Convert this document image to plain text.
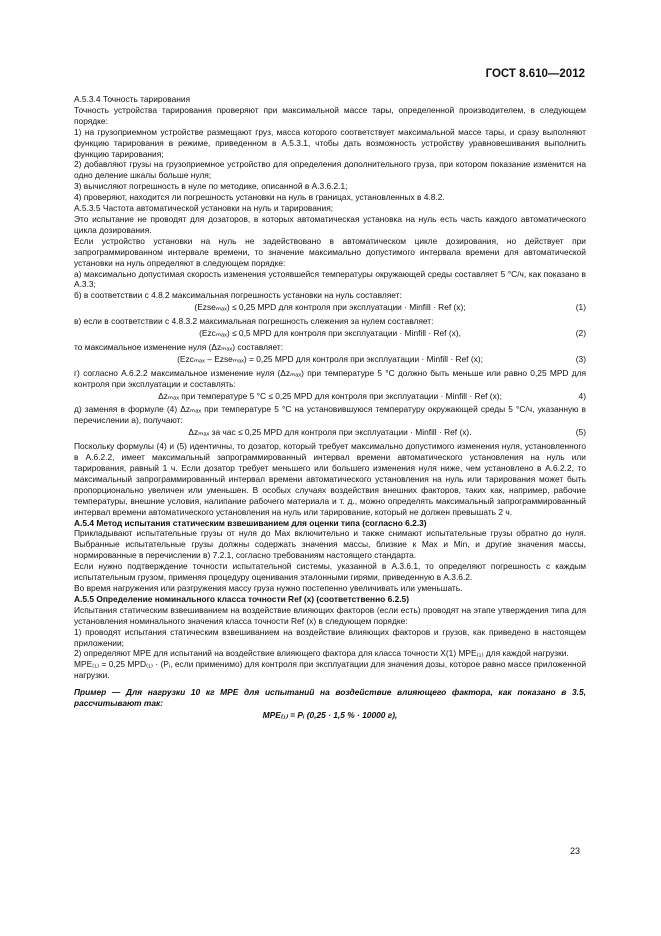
ГОСТ 8.610—2012

А.5.3.4 Точность тарирования

Точность устройства тарирования проверяют при максимальной массе тары, определенной производителем, в следующем порядке:

1) на грузоприемном устройстве размещают груз, масса которого соответствует максимальной массе тары, и сразу выполняют функцию тарирования в режиме, приведенном в А.5.3.1, чтобы дать возможность устройству уравновешивания выполнить функцию тарирования;

2) добавляют грузы на грузоприемное устройство для определения дополнительного груза, при котором показание изменится на одно деление шкалы больше нуля;

3) вычисляют погрешность в нуле по методике, описанной в А.3.6.2.1;

4) проверяют, находится ли погрешность установки на нуль в границах, установленных в 4.8.2.

А.5.3.5 Частота автоматической установки на нуль и тарирования;

Это испытание не проводят для дозаторов, в которых автоматическая установка на нуль есть часть каждого автоматического цикла дозирования.

Если устройство установки на нуль не задействовано в автоматическом цикле дозирования, но действует при запрограммированном интервале времени, то значение максимально допустимого интервала времени для автоматической установки на нуль определяют в следующем порядке:

а) максимально допустимая скорость изменения устоявшейся температуры окружающей среды составляет 5 °С/ч, как показано в А.3.3;

б) в соответствии с 4.8.2 максимальная погрешность установки на нуль составляет:

(Ezseₘₐₓ) ≤ 0,25 MPD для контроля при эксплуатации · Minfill · Ref (x);	(1)

в) если в соответствии с 4.8.3.2 максимальная погрешность слежения за нулем составляет:

(Ezcₘₐₓ) ≤ 0,5 MPD для контроля при эксплуатации · Minfill · Ref (x),	(2)

то максимальное изменение нуля (Δzₘₐₓ) составляет:

(Ezcₘₐₓ – Ezseₘₐₓ) = 0,25 MPD для контроля при эксплуатации · Minfill · Ref (x);	(3)

г) согласно А.6.2.2 максимальное изменение нуля (Δzₘₐₓ) при температуре 5 °С должно быть меньше или равно 0,25 MPD для контроля при эксплуатации и составлять:

Δzₘₐₓ при температуре 5 °С ≤ 0,25 MPD для контроля при эксплуатации · Minfill · Ref (x);	4)

д) заменяя в формуле (4) Δzₘₐₓ при температуре 5 °С на установившуюся температуру окружающей среды 5 °С/ч, указанную в перечислении а), получают:

Δzₘₐₓ за час ≤ 0,25 MPD для контроля при эксплуатации · Minfill · Ref (x).	(5)

Поскольку формулы (4) и (5) идентичны, то дозатор, который требует максимально допустимого изменения нуля, установленного в А.6.2.2, имеет максимальный запрограммированный интервал времени автоматического установления на нуль или тарирования, равный 1 ч. Если дозатор требует меньшего или большего изменения нуля ниже, чем установлено в А.6.2.2, то максимальный запрограммированный интервал времени автоматического установления на нуль или тарирования может быть пропорционально увеличен или уменьшен. В особых случаях воздействия внешних факторов, таких как, например, рабочие температуры, внешние условия, налипание рабочего материала и т. д., можно определять максимальный запрограммированный интервал времени автоматического установления на нуль или тарирование, который не должен превышать 2 ч.

А.5.4 Метод испытания статическим взвешиванием для оценки типа (согласно 6.2.3)

Прикладывают испытательные грузы от нуля до Max включительно и также снимают испытательные грузы обратно до нуля. Выбранные испытательные грузы должны содержать значения массы, близкие к Max и Min, и другие значения массы, нормированные в перечислении в) 7.2.1, согласно требованиям настоящего стандарта.

Если нужно подтверждение точности испытательной системы, указанной в А.3.6.1, то определяют погрешность с каждым испытательным грузом, применяя процедуру оценивания эталонными гирями, приведенную в А.3.6.2.

Во время нагружения или разгружения массу груза нужно постепенно увеличивать или уменьшать.

А.5.5 Определение номинального класса точности Ref (x) (соответственно 6.2.5)

Испытания статическим взвешиванием на воздействие влияющих факторов (если есть) проводят на этапе утверждения типа для установления номинального значения класса точности Ref (x) в следующем порядке:

1) проводят испытания статическим взвешиванием на воздействие влияющих факторов и грузов, как приведено в настоящем приложении;

2) определяют MPE для испытаний на воздействие влияющего фактора для класса точности X(1) MPE₍₁₎ для каждой нагрузки.

MPE₍₁₎ = 0,25 MPD₍₁₎ · (Pᵢ, если применимо) для контроля при эксплуатации для значения дозы, которое равно массе приложенной нагрузки.

Пример — Для нагрузки 10 кг MPE для испытаний на воздействие влияющего фактора, как показано в 3.5, рассчитывают так:

MPE₍₁₎ = Pᵢ (0,25 · 1,5 % · 10000 г),
23
